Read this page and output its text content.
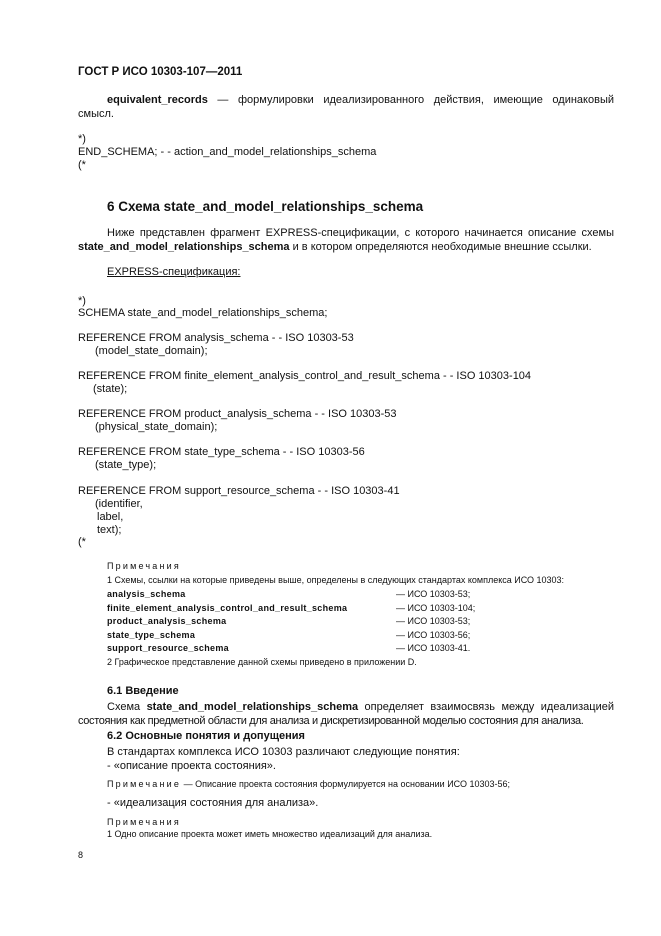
ГОСТ Р ИСО 10303-107—2011
equivalent_records — формулировки идеализированного действия, имеющие одинаковый
смысл.
*)
END_SCHEMA; - - action_and_model_relationships_schema
(*
6 Схема state_and_model_relationships_schema
Ниже представлен фрагмент EXPRESS-спецификации, с которого начинается описание схемы
state_and_model_relationships_schema и в котором определяются необходимые внешние ссылки.
EXPRESS-спецификация:
*)
SCHEMA state_and_model_relationships_schema;
REFERENCE FROM analysis_schema - - ISO 10303-53
(model_state_domain);
REFERENCE FROM finite_element_analysis_control_and_result_schema - - ISO 10303-104
(state);
REFERENCE FROM product_analysis_schema - - ISO 10303-53
(physical_state_domain);
REFERENCE FROM state_type_schema - - ISO 10303-56
(state_type);
REFERENCE FROM support_resource_schema - - ISO 10303-41
(identifier,
label,
text);
(*
Примечания
1 Схемы, ссылки на которые приведены выше, определены в следующих стандартах комплекса ИСО 10303:
analysis_schema	— ИСО 10303-53;
finite_element_analysis_control_and_result_schema	— ИСО 10303-104;
product_analysis_schema	— ИСО 10303-53;
state_type_schema	— ИСО 10303-56;
support_resource_schema	— ИСО 10303-41.
2 Графическое представление данной схемы приведено в приложении D.
6.1 Введение
Схема state_and_model_relationships_schema определяет взаимосвязь между идеализацией
состояния как предметной области для анализа и дискретизированной моделью состояния для анализа.
6.2 Основные понятия и допущения
В стандартах комплекса ИСО 10303 различают следующие понятия:
- «описание проекта состояния».
Примечание — Описание проекта состояния формулируется на основании ИСО 10303-56;
- «идеализация состояния для анализа».
Примечания
1 Одно описание проекта может иметь множество идеализаций для анализа.
8
